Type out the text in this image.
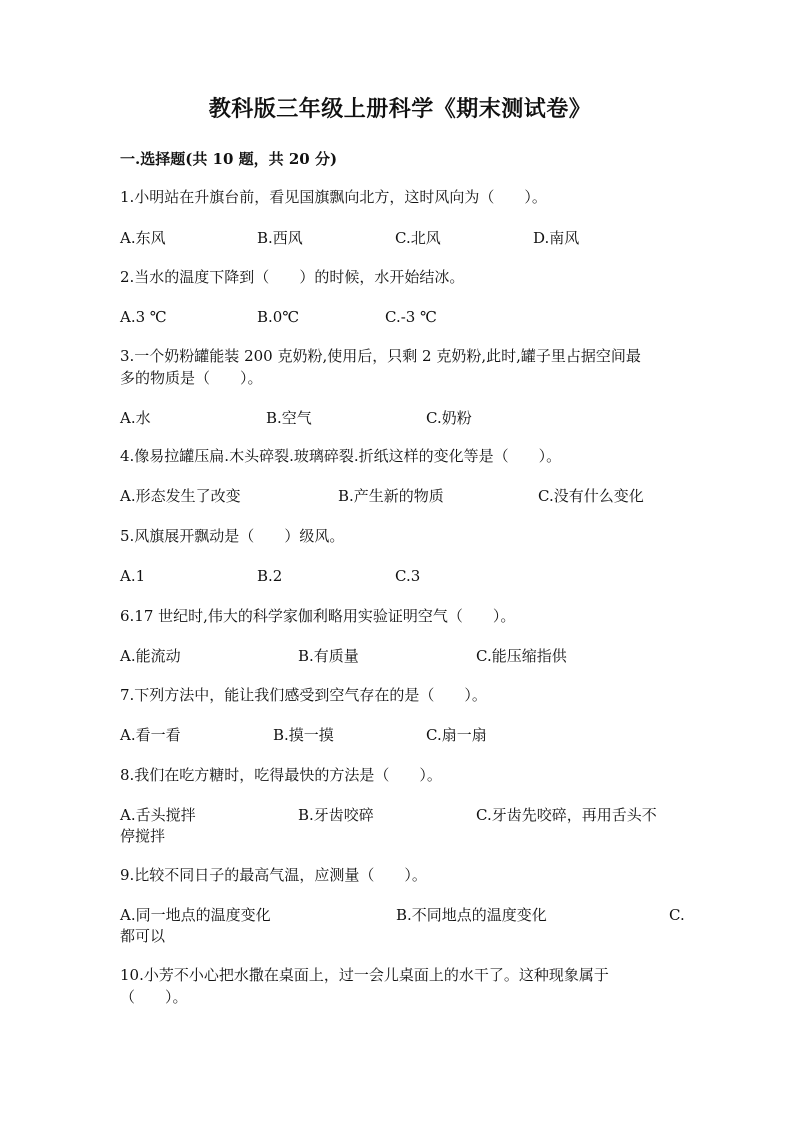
教科版三年级上册科学《期末测试卷》
一.选择题(共 10 题，共 20 分)
1.小明站在升旗台前，看见国旗飘向北方，这时风向为（　　）。
A.东风	B.西风	C.北风	D.南风
2.当水的温度下降到（　　）的时候，水开始结冰。
A.3 ℃	B.0℃	C.-3 ℃
3.一个奶粉罐能装 200 克奶粉,使用后，只剩 2 克奶粉,此时,罐子里占据空间最
多的物质是（　　）。
A.水	B.空气	C.奶粉
4.像易拉罐压扁.木头碎裂.玻璃碎裂.折纸这样的变化等是（　　）。
A.形态发生了改变	B.产生新的物质	C.没有什么变化
5.风旗展开飘动是（　　）级风。
A.1	B.2	C.3
6.17 世纪时,伟大的科学家伽利略用实验证明空气（　　）。
A.能流动	B.有质量	C.能压缩指供
7.下列方法中，能让我们感受到空气存在的是（　　）。
A.看一看	B.摸一摸	C.扇一扇
8.我们在吃方糖时，吃得最快的方法是（　　）。
A.舌头搅拌	B.牙齿咬碎	C.牙齿先咬碎，再用舌头不
停搅拌
9.比较不同日子的最高气温，应测量（　　）。
A.同一地点的温度变化	B.不同地点的温度变化	C.
都可以
10.小芳不小心把水撒在桌面上，过一会儿桌面上的水干了。这种现象属于
（　　）。
